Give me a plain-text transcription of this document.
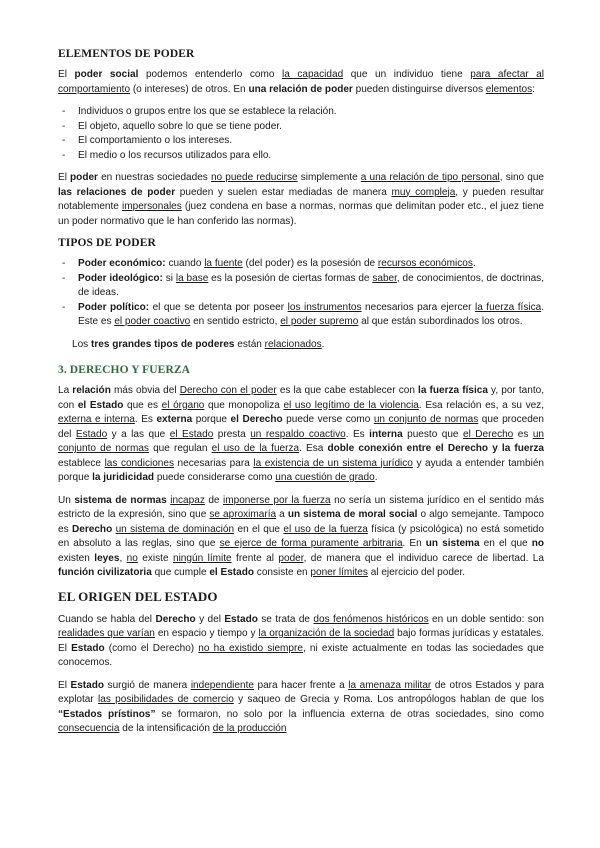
ELEMENTOS DE PODER

El poder social podemos entenderlo como la capacidad que un individuo tiene para afectar al comportamiento (o intereses) de otros. En una relación de poder pueden distinguirse diversos elementos:

- Individuos o grupos entre los que se establece la relación.
- El objeto, aquello sobre lo que se tiene poder.
- El comportamiento o los intereses.
- El medio o los recursos utilizados para ello.

El poder en nuestras sociedades no puede reducirse simplemente a una relación de tipo personal, sino que las relaciones de poder pueden y suelen estar mediadas de manera muy compleja, y pueden resultar notablemente impersonales (juez condena en base a normas, normas que delimitan poder etc., el juez tiene un poder normativo que le han conferido las normas).

TIPOS DE PODER
- Poder económico: cuando la fuente (del poder) es la posesión de recursos económicos.
- Poder ideológico: si la base es la posesión de ciertas formas de saber, de conocimientos, de doctrinas, de ideas.
- Poder político: el que se detenta por poseer los instrumentos necesarios para ejercer la fuerza física. Este es el poder coactivo en sentido estricto, el poder supremo al que están subordinados los otros.

Los tres grandes tipos de poderes están relacionados.

3. DERECHO Y FUERZA

La relación más obvia del Derecho con el poder es la que cabe establecer con la fuerza física y, por tanto, con el Estado que es el órgano que monopoliza el uso legítimo de la violencia. Esa relación es, a su vez, externa e interna. Es externa porque el Derecho puede verse como un conjunto de normas que proceden del Estado y a las que el Estado presta un respaldo coactivo. Es interna puesto que el Derecho es un conjunto de normas que regulan el uso de la fuerza. Esa doble conexión entre el Derecho y la fuerza establece las condiciones necesarias para la existencia de un sistema jurídico y ayuda a entender también porque la juridicidad puede considerarse como una cuestión de grado.

Un sistema de normas incapaz de imponerse por la fuerza no sería un sistema jurídico en el sentido más estricto de la expresión, sino que se aproximaría a un sistema de moral social o algo semejante. Tampoco es Derecho un sistema de dominación en el que el uso de la fuerza física (y psicológica) no está sometido en absoluto a las reglas, sino que se ejerce de forma puramente arbitraria. En un sistema en el que no existen leyes, no existe ningún límite frente al poder, de manera que el individuo carece de libertad. La función civilizatoria que cumple el Estado consiste en poner límites al ejercicio del poder.

EL ORIGEN DEL ESTADO

Cuando se habla del Derecho y del Estado se trata de dos fenómenos históricos en un doble sentido: son realidades que varían en espacio y tiempo y la organización de la sociedad bajo formas jurídicas y estatales. El Estado (como el Derecho) no ha existido siempre, ni existe actualmente en todas las sociedades que conocemos.

El Estado surgió de manera independiente para hacer frente a la amenaza militar de otros Estados y para explotar las posibilidades de comercio y saqueo de Grecia y Roma. Los antropólogos hablan de que los “Estados prístinos” se formaron, no solo por la influencia externa de otras sociedades, sino como consecuencia de la intensificación de la producción
